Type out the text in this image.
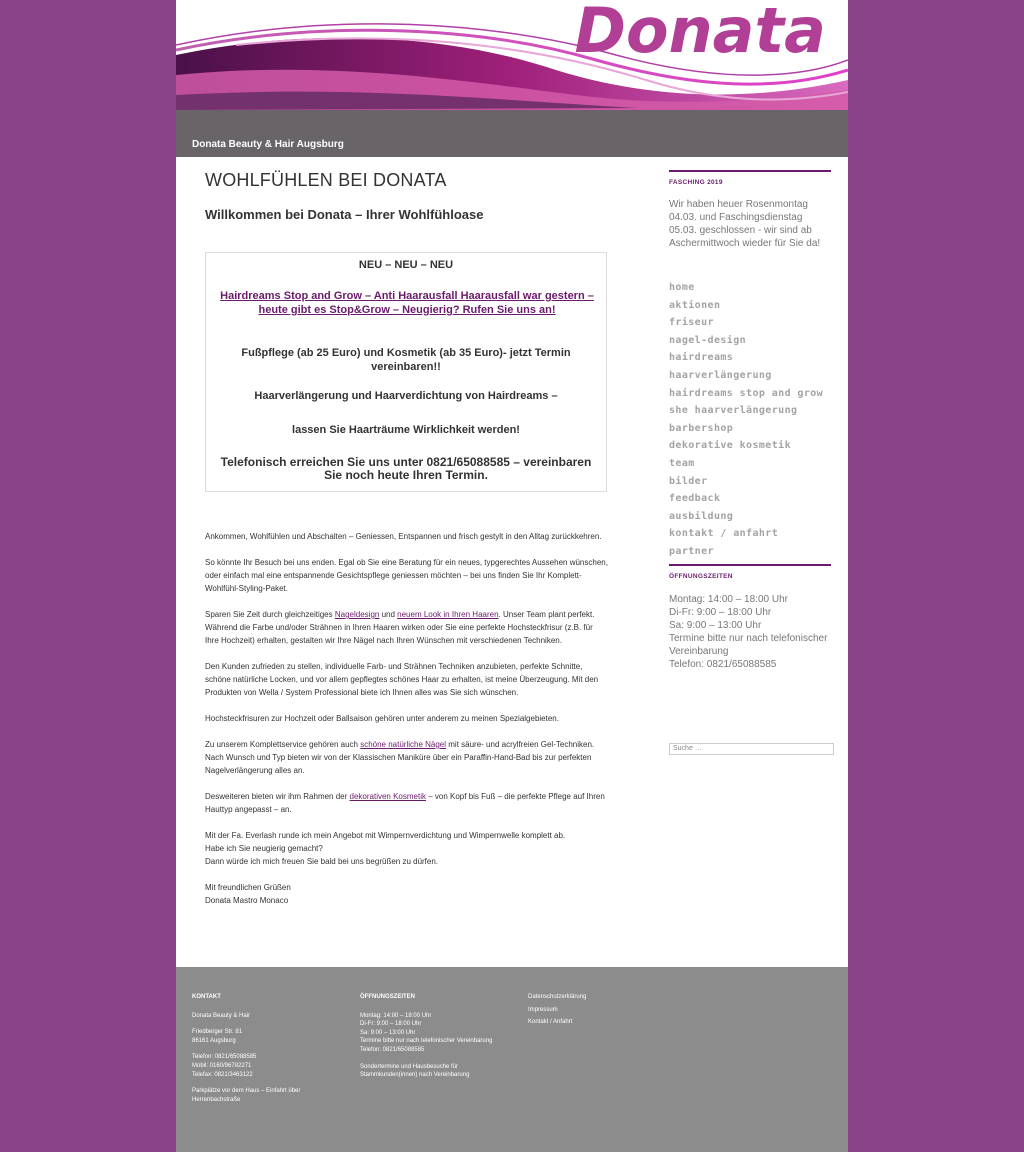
Donata
Donata Beauty & Hair Augsburg
WOHLFÜHLEN BEI DONATA
Willkommen bei Donata – Ihrer Wohlfühloase
NEU – NEU – NEU
Hairdreams Stop and Grow – Anti Haarausfall Haarausfall war gestern – heute gibt es Stop&Grow – Neugierig? Rufen Sie uns an!
Fußpflege (ab 25 Euro) und Kosmetik (ab 35 Euro)- jetzt Termin vereinbaren!!
Haarverlängerung und Haarverdichtung von Hairdreams –
lassen Sie Haarträume Wirklichkeit werden!
Telefonisch erreichen Sie uns unter 0821/65088585 – vereinbaren Sie noch heute Ihren Termin.

Ankommen, Wohlfühlen und Abschalten – Geniessen, Entspannen und frisch gestylt in den Alltag zurückkehren.

So könnte Ihr Besuch bei uns enden. Egal ob Sie eine Beratung für ein neues, typgerechtes Aussehen wünschen, oder einfach mal eine entspannende Gesichtspflege geniessen möchten – bei uns finden Sie Ihr Komplett-Wohlfühl-Styling-Paket.

Sparen Sie Zeit durch gleichzeitiges Nageldesign und neuem Look in Ihren Haaren. Unser Team plant perfekt. Während die Farbe und/oder Strähnen in Ihren Haaren wirken oder Sie eine perfekte Hochsteckfrisur (z.B. für Ihre Hochzeit) erhalten, gestalten wir Ihre Nägel nach Ihren Wünschen mit verschiedenen Techniken.

Den Kunden zufrieden zu stellen, individuelle Farb- und Strähnen Techniken anzubieten, perfekte Schnitte, schöne natürliche Locken, und vor allem gepflegtes schönes Haar zu erhalten, ist meine Überzeugung. Mit den Produkten von Wella / System Professional biete ich Ihnen alles was Sie sich wünschen.

Hochsteckfrisuren zur Hochzeit oder Ballsaison gehören unter anderem zu meinen Spezialgebieten.

Zu unserem Komplettservice gehören auch schöne natürliche Nägel mit säure- und acrylfreien Gel-Techniken. Nach Wunsch und Typ bieten wir von der Klassischen Maniküre über ein Paraffin-Hand-Bad bis zur perfekten Nagelverlängerung alles an.

Desweiteren bieten wir ihm Rahmen der dekorativen Kosmetik – von Kopf bis Fuß – die perfekte Pflege auf Ihren Hauttyp angepasst – an.

Mit der Fa. Everlash runde ich mein Angebot mit Wimpernverdichtung und Wimpernwelle komplett ab.
Habe ich Sie neugierig gemacht?
Dann würde ich mich freuen Sie bald bei uns begrüßen zu dürfen.

Mit freundlichen Grüßen
Donata Mastro Monaco

FASCHING 2019
Wir haben heuer Rosenmontag 04.03. und Faschingsdienstag 05.03. geschlossen - wir sind ab Aschermittwoch wieder für Sie da!
home
aktionen
friseur
nagel-design
hairdreams haarverlängerung
hairdreams stop and grow
she haarverlängerung
barbershop
dekorative kosmetik
team
bilder
feedback
ausbildung
kontakt / anfahrt
partner
ÖFFNUNGSZEITEN
Montag: 14:00 – 18:00 Uhr
Di-Fr: 9:00 – 18:00 Uhr
Sa: 9:00 – 13:00 Uhr
Termine bitte nur nach telefonischer Vereinbarung
Telefon: 0821/65088585
Suche …
KONTAKT
Donata Beauty & Hair
Friedberger Str. 81
86161 Augsburg
Telefon: 0821/65088585
Mobil: 0160/96782271
Telefax: 0821/3463122
Parkplätze vor dem Haus – Einfahrt über Herrenbachstraße
ÖFFNUNGSZEITEN
Montag: 14:00 – 18:00 Uhr
Di-Fr: 9:00 – 18:00 Uhr
Sa: 9:00 – 13:00 Uhr
Termine bitte nur nach telefonischer Vereinbarung
Telefon: 0821/65088585
Sondertermine und Hausbesuche für Stammkunden(innen) nach Vereinbarung
Datenschutzerklärung
Impressum
Kontakt / Anfahrt
